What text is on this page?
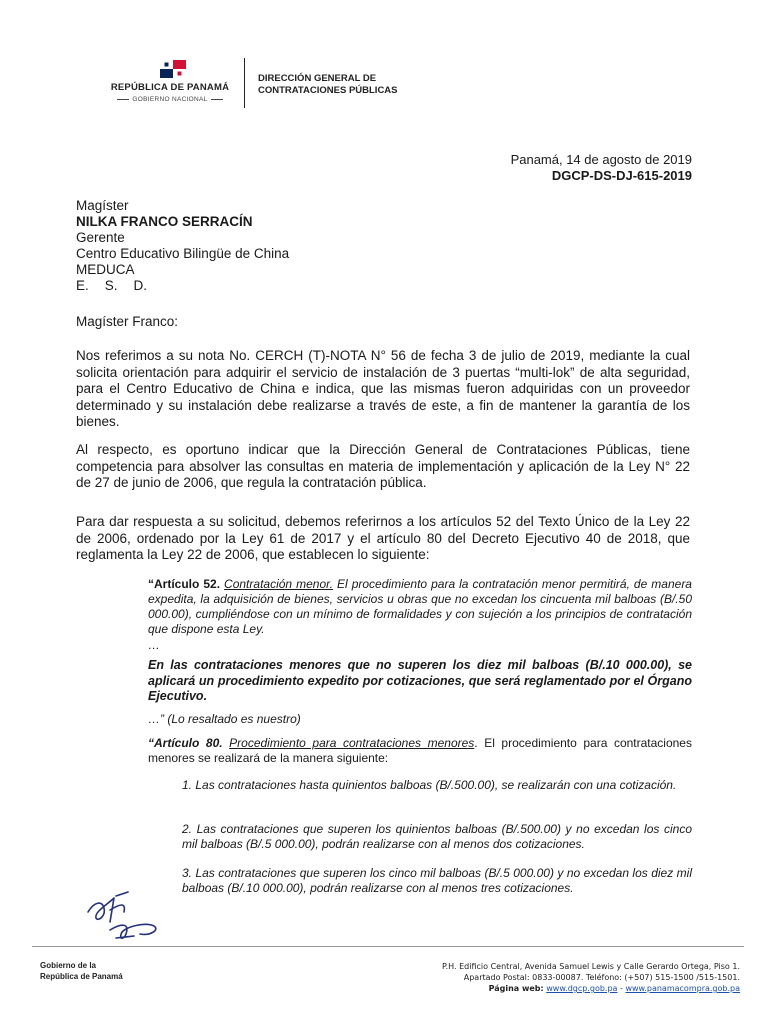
REPÚBLICA DE PANAMÁ
GOBIERNO NACIONAL
DIRECCIÓN GENERAL DE
CONTRATACIONES PÚBLICAS
Panamá, 14 de agosto de 2019
DGCP-DS-DJ-615-2019
Magíster
NILKA FRANCO SERRACÍN
Gerente
Centro Educativo Bilingüe de China
MEDUCA
E. S. D.
Magíster Franco:
Nos referimos a su nota No. CERCH (T)-NOTA N° 56 de fecha 3 de julio de 2019, mediante la cual solicita orientación para adquirir el servicio de instalación de 3 puertas “multi-lok” de alta seguridad, para el Centro Educativo de China e indica, que las mismas fueron adquiridas con un proveedor determinado y su instalación debe realizarse a través de este, a fin de mantener la garantía de los bienes.
Al respecto, es oportuno indicar que la Dirección General de Contrataciones Públicas, tiene competencia para absolver las consultas en materia de implementación y aplicación de la Ley N° 22 de 27 de junio de 2006, que regula la contratación pública.
Para dar respuesta a su solicitud, debemos referirnos a los artículos 52 del Texto Único de la Ley 22 de 2006, ordenado por la Ley 61 de 2017 y el artículo 80 del Decreto Ejecutivo 40 de 2018, que reglamenta la Ley 22 de 2006, que establecen lo siguiente:
“Artículo 52. Contratación menor. El procedimiento para la contratación menor permitirá, de manera expedita, la adquisición de bienes, servicios u obras que no excedan los cincuenta mil balboas (B/.50 000.00), cumpliéndose con un mínimo de formalidades y con sujeción a los principios de contratación que dispone esta Ley.
…
En las contrataciones menores que no superen los diez mil balboas (B/.10 000.00), se aplicará un procedimiento expedito por cotizaciones, que será reglamentado por el Órgano Ejecutivo.
…” (Lo resaltado es nuestro)
“Artículo 80. Procedimiento para contrataciones menores. El procedimiento para contrataciones menores se realizará de la manera siguiente:
1. Las contrataciones hasta quinientos balboas (B/.500.00), se realizarán con una cotización.
2. Las contrataciones que superen los quinientos balboas (B/.500.00) y no excedan los cinco mil balboas (B/.5 000.00), podrán realizarse con al menos dos cotizaciones.
3. Las contrataciones que superen los cinco mil balboas (B/.5 000.00) y no excedan los diez mil balboas (B/.10 000.00), podrán realizarse con al menos tres cotizaciones.
Gobierno de la
República de Panamá
P.H. Edificio Central, Avenida Samuel Lewis y Calle Gerardo Ortega, Piso 1.
Apartado Postal: 0833-00087. Teléfono: (+507) 515-1500 /515-1501.
Página web: www.dgcp.gob.pa - www.panamacompra.gob.pa
